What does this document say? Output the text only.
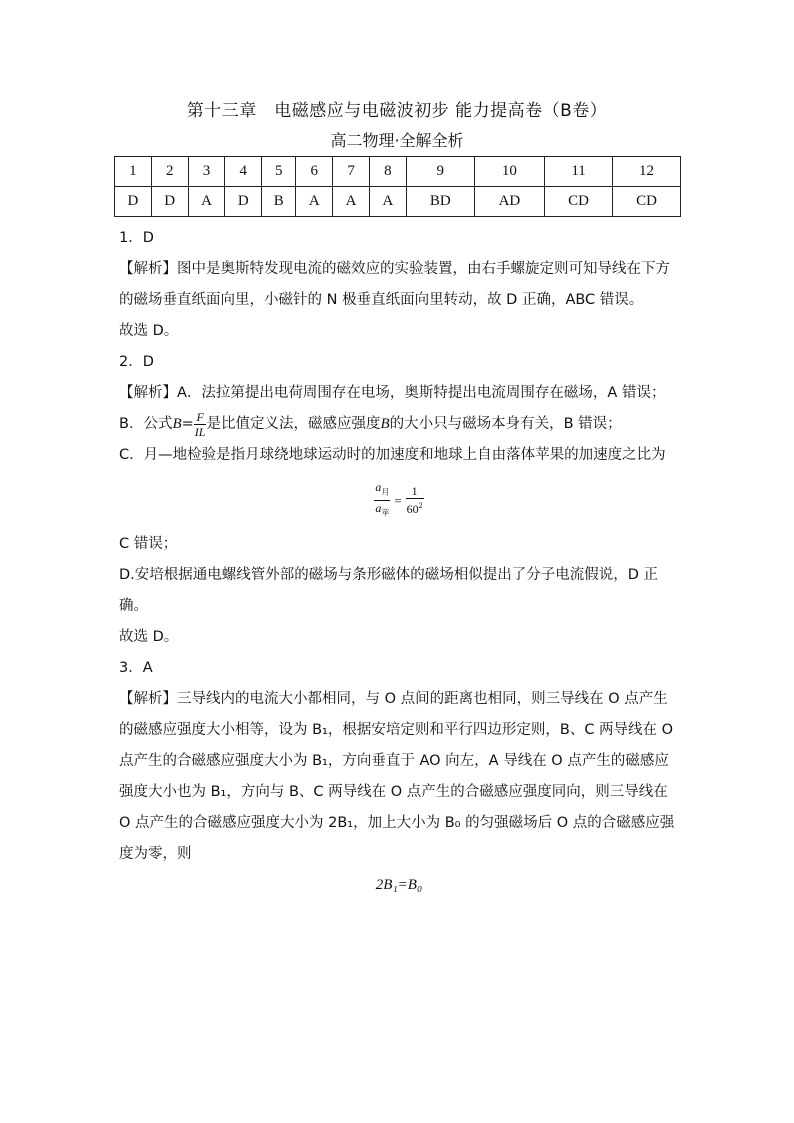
第十三章　电磁感应与电磁波初步 能力提高卷（B卷）
高二物理·全解全析
1	2	3	4	5	6	7	8	9	10	11	12
D	D	A	D	B	A	A	A	BD	AD	CD	CD

1．D

【解析】图中是奥斯特发现电流的磁效应的实验装置，由右手螺旋定则可知导线在下方的磁场垂直纸面向里，小磁针的 N 极垂直纸面向里转动，故 D 正确，ABC 错误。

故选 D。

2．D

【解析】A．法拉第提出电荷周围存在电场，奥斯特提出电流周围存在磁场，A 错误；

B．公式$B= \frac{F}{IL}$ 是比值定义法，磁感应强度B的大小只与磁场本身有关，B 错误；

C．月—地检验是指月球绕地球运动时的加速度和地球上自由落体苹果的加速度之比为

$\frac{a_月}{a_苹} = \frac{1}{60^2}$

C 错误；

D.安培根据通电螺线管外部的磁场与条形磁体的磁场相似提出了分子电流假说，D 正确。

故选 D。

3．A

【解析】三导线内的电流大小都相同，与 O 点间的距离也相同，则三导线在 O 点产生的磁感应强度大小相等，设为 B₁，根据安培定则和平行四边形定则，B、C 两导线在 O 点产生的合磁感应强度大小为 B₁，方向垂直于 AO 向左，A 导线在 O 点产生的磁感应强度大小也为 B₁，方向与 B、C 两导线在 O 点产生的合磁感应强度同向，则三导线在 O 点产生的合磁感应强度大小为 2B₁，加上大小为 B₀ 的匀强磁场后 O 点的合磁感应强度为零，则

2B₁=B₀
